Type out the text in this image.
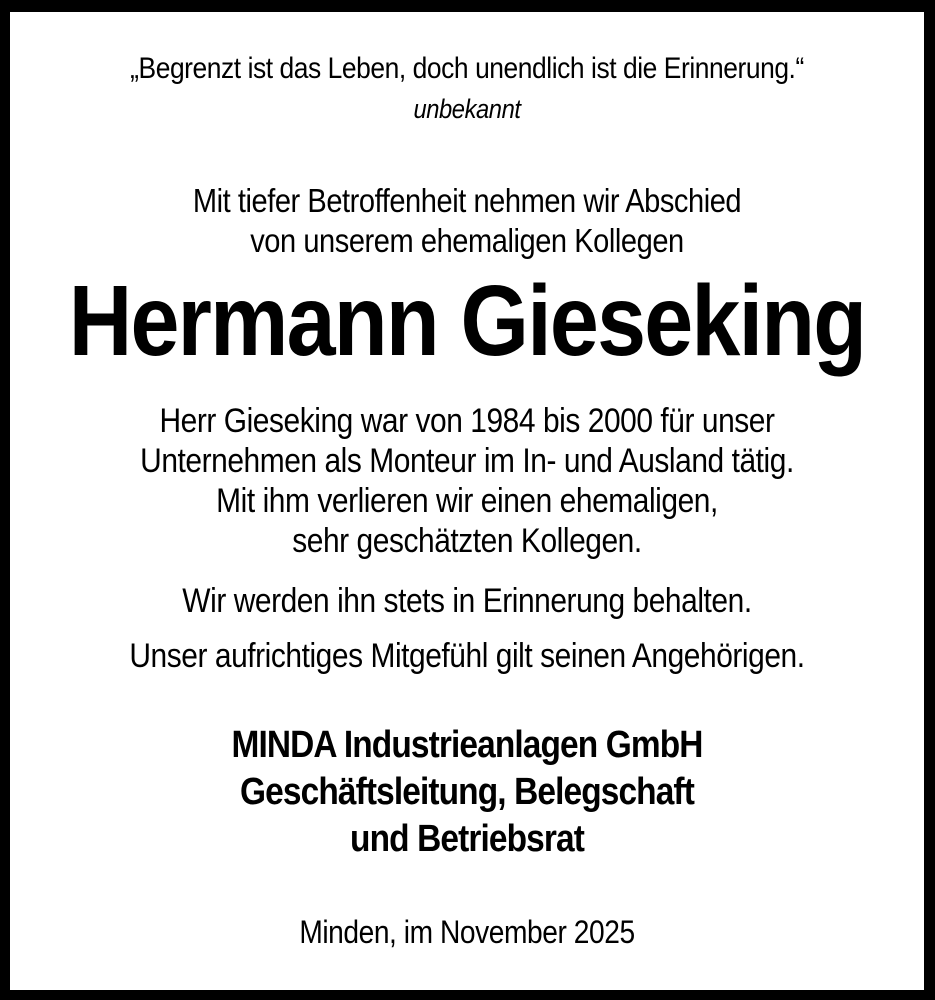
„Begrenzt ist das Leben, doch unendlich ist die Erinnerung.“
unbekannt
Mit tiefer Betroffenheit nehmen wir Abschied
von unserem ehemaligen Kollegen
Hermann Gieseking
Herr Gieseking war von 1984 bis 2000 für unser
Unternehmen als Monteur im In- und Ausland tätig.
Mit ihm verlieren wir einen ehemaligen,
sehr geschätzten Kollegen.
Wir werden ihn stets in Erinnerung behalten.
Unser aufrichtiges Mitgefühl gilt seinen Angehörigen.
MINDA Industrieanlagen GmbH
Geschäftsleitung, Belegschaft
und Betriebsrat
Minden, im November 2025
